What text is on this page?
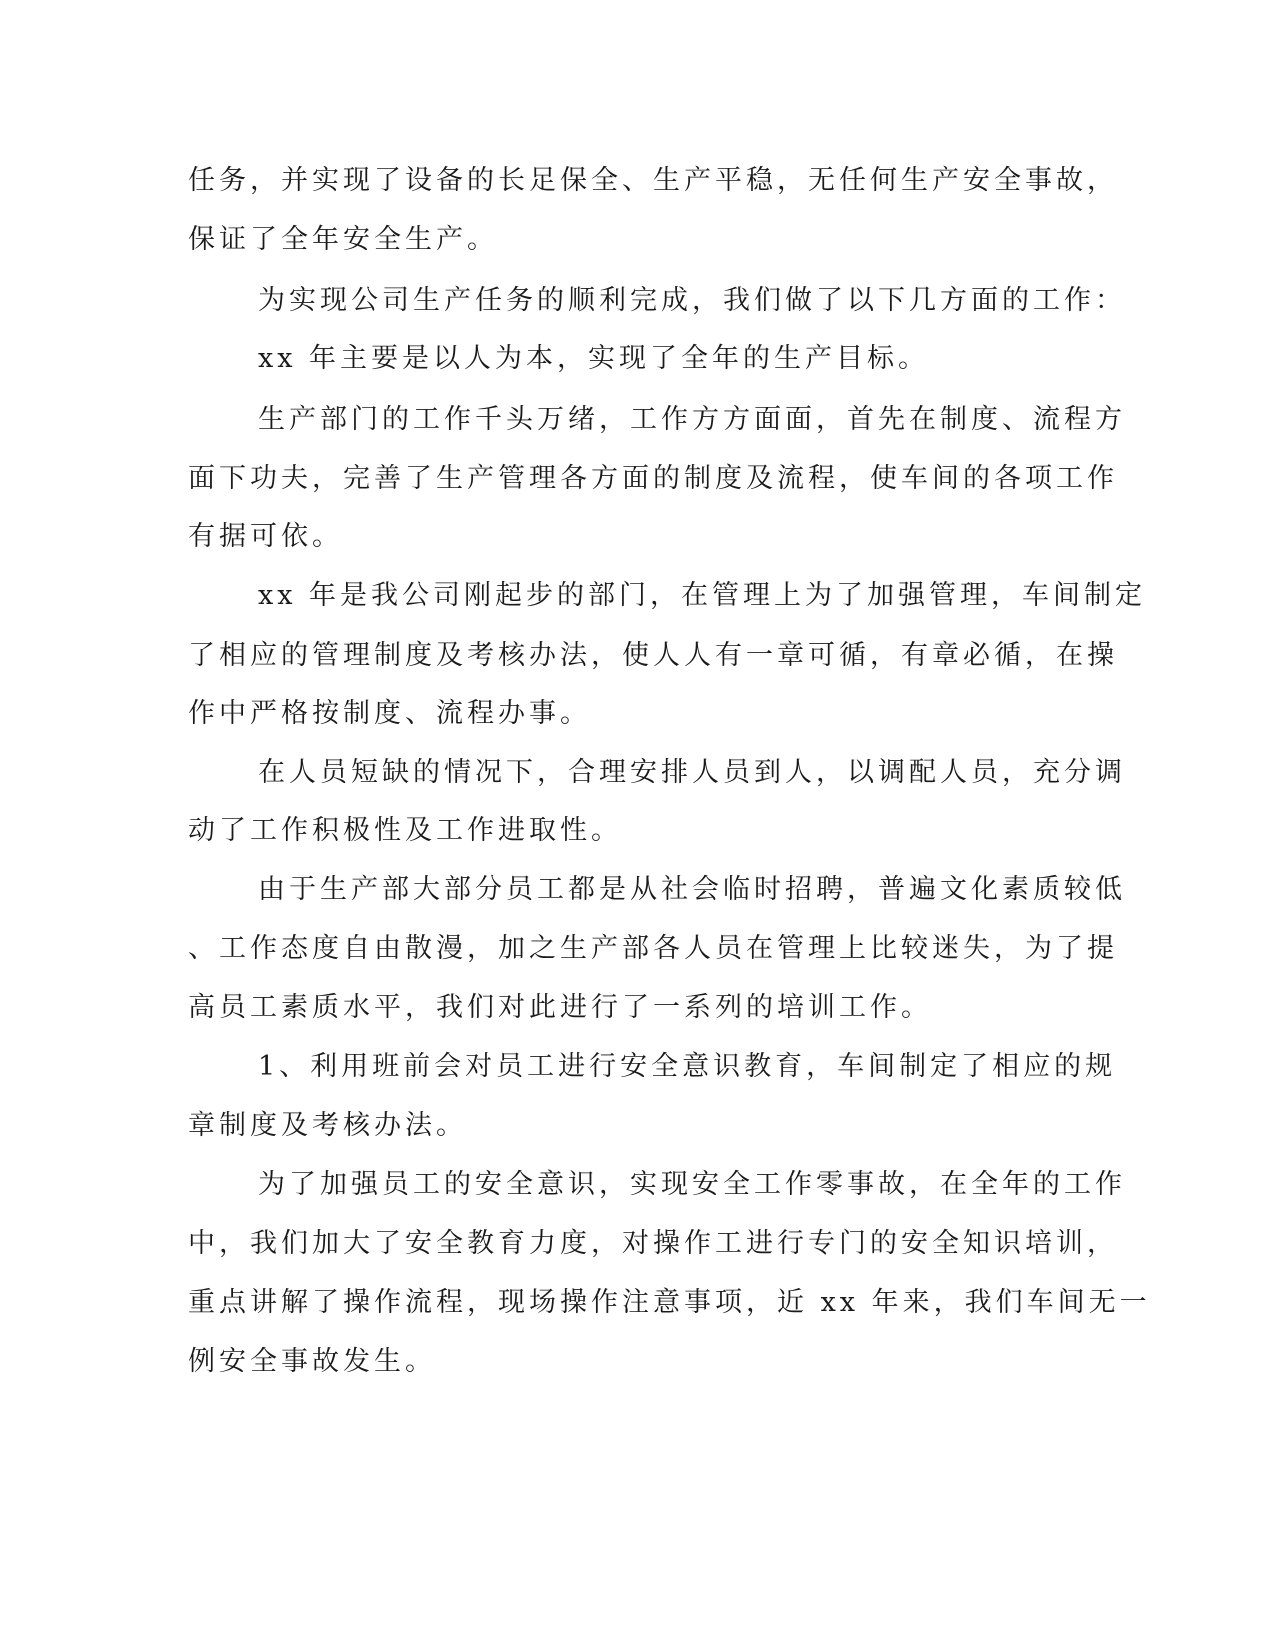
任务，并实现了设备的长足保全、生产平稳，无任何生产安全事故，

保证了全年安全生产。

为实现公司生产任务的顺利完成，我们做了以下几方面的工作：

xx 年主要是以人为本，实现了全年的生产目标。

生产部门的工作千头万绪，工作方方面面，首先在制度、流程方

面下功夫，完善了生产管理各方面的制度及流程，使车间的各项工作

有据可依。

xx 年是我公司刚起步的部门，在管理上为了加强管理，车间制定

了相应的管理制度及考核办法，使人人有一章可循，有章必循，在操

作中严格按制度、流程办事。

在人员短缺的情况下，合理安排人员到人，以调配人员，充分调

动了工作积极性及工作进取性。

由于生产部大部分员工都是从社会临时招聘，普遍文化素质较低

、工作态度自由散漫，加之生产部各人员在管理上比较迷失，为了提

高员工素质水平，我们对此进行了一系列的培训工作。

1、利用班前会对员工进行安全意识教育，车间制定了相应的规

章制度及考核办法。

为了加强员工的安全意识，实现安全工作零事故，在全年的工作

中，我们加大了安全教育力度，对操作工进行专门的安全知识培训，

重点讲解了操作流程，现场操作注意事项，近 xx 年来，我们车间无一

例安全事故发生。
